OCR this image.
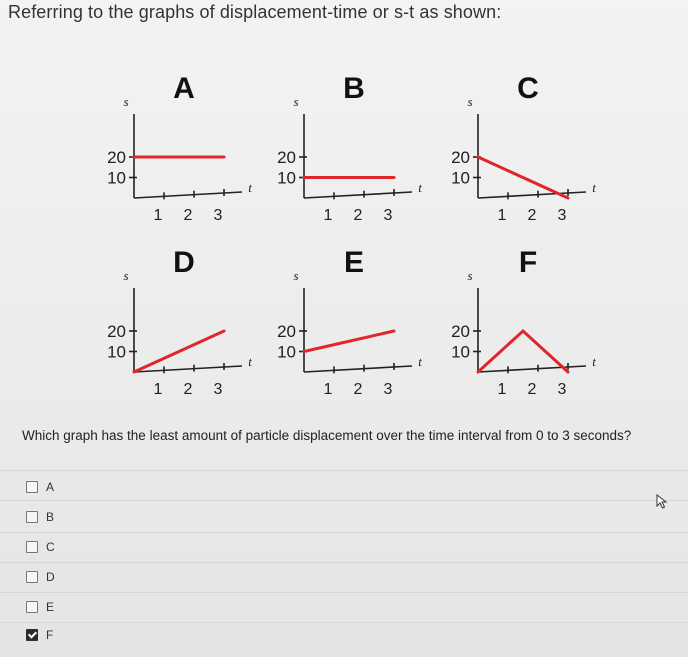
Referring to the graphs of displacement-time or s-t as shown:
A
s
t
20
10
1 2 3
B
s
t
20
10
1 2 3
C
s
t
20
10
1 2 3
D
s
t
20
10
1 2 3
E
s
t
20
10
1 2 3
F
s
t
20
10
1 2 3
Which graph has the least amount of particle displacement over the time interval from 0 to 3 seconds?
A
B
C
D
E
F
